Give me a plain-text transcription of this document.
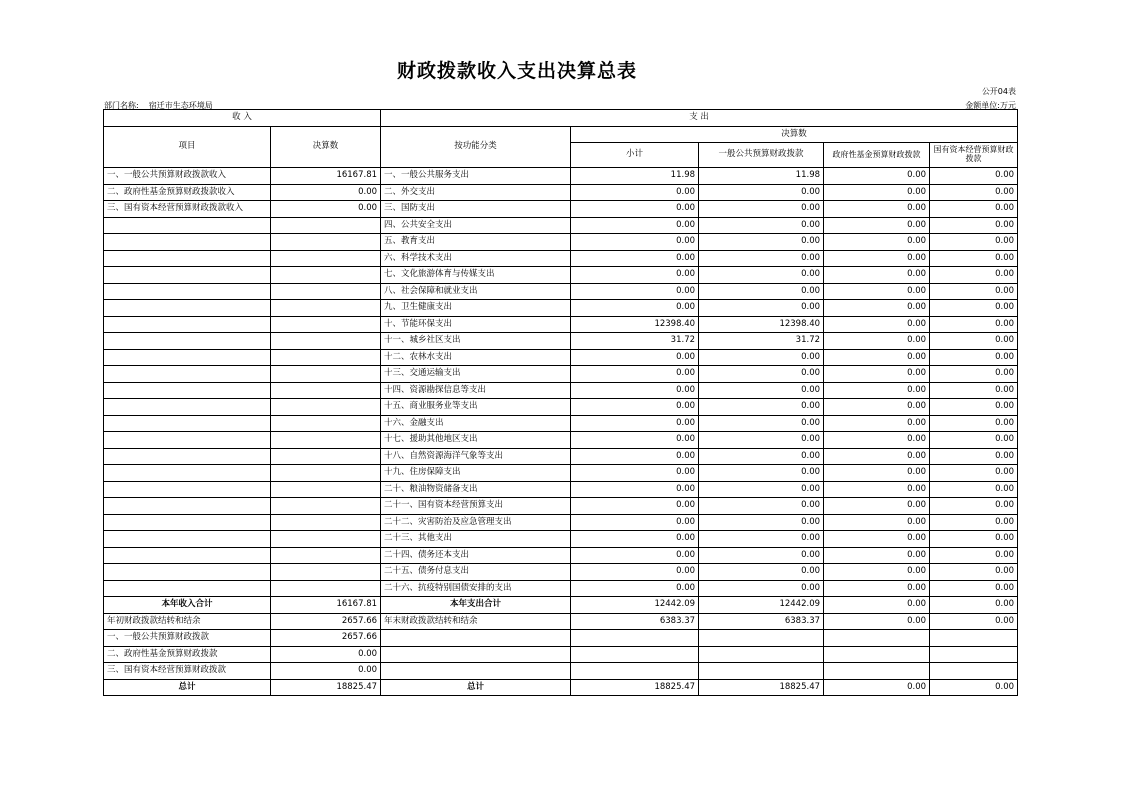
财政拨款收入支出决算总表
公开04表
部门名称: 宿迁市生态环境局	金额单位:万元
收 入		支 出				
项目	决算数	按功能分类	决算数			
			小计	一般公共预算财政拨款	政府性基金预算财政拨款	国有资本经营预算财政拨款
一、一般公共预算财政拨款收入	16167.81	一、一般公共服务支出	11.98	11.98	0.00	0.00
二、政府性基金预算财政拨款收入	0.00	二、外交支出	0.00	0.00	0.00	0.00
三、国有资本经营预算财政拨款收入	0.00	三、国防支出	0.00	0.00	0.00	0.00
		四、公共安全支出	0.00	0.00	0.00	0.00
		五、教育支出	0.00	0.00	0.00	0.00
		六、科学技术支出	0.00	0.00	0.00	0.00
		七、文化旅游体育与传媒支出	0.00	0.00	0.00	0.00
		八、社会保障和就业支出	0.00	0.00	0.00	0.00
		九、卫生健康支出	0.00	0.00	0.00	0.00
		十、节能环保支出	12398.40	12398.40	0.00	0.00
		十一、城乡社区支出	31.72	31.72	0.00	0.00
		十二、农林水支出	0.00	0.00	0.00	0.00
		十三、交通运输支出	0.00	0.00	0.00	0.00
		十四、资源勘探信息等支出	0.00	0.00	0.00	0.00
		十五、商业服务业等支出	0.00	0.00	0.00	0.00
		十六、金融支出	0.00	0.00	0.00	0.00
		十七、援助其他地区支出	0.00	0.00	0.00	0.00
		十八、自然资源海洋气象等支出	0.00	0.00	0.00	0.00
		十九、住房保障支出	0.00	0.00	0.00	0.00
		二十、粮油物资储备支出	0.00	0.00	0.00	0.00
		二十一、国有资本经营预算支出	0.00	0.00	0.00	0.00
		二十二、灾害防治及应急管理支出	0.00	0.00	0.00	0.00
		二十三、其他支出	0.00	0.00	0.00	0.00
		二十四、债务还本支出	0.00	0.00	0.00	0.00
		二十五、债务付息支出	0.00	0.00	0.00	0.00
		二十六、抗疫特别国债安排的支出	0.00	0.00	0.00	0.00
本年收入合计	16167.81	本年支出合计	12442.09	12442.09	0.00	0.00
年初财政拨款结转和结余	2657.66	年末财政拨款结转和结余	6383.37	6383.37	0.00	0.00
一、一般公共预算财政拨款	2657.66					
二、政府性基金预算财政拨款	0.00					
三、国有资本经营预算财政拨款	0.00					
总计	18825.47	总计	18825.47	18825.47	0.00	0.00
